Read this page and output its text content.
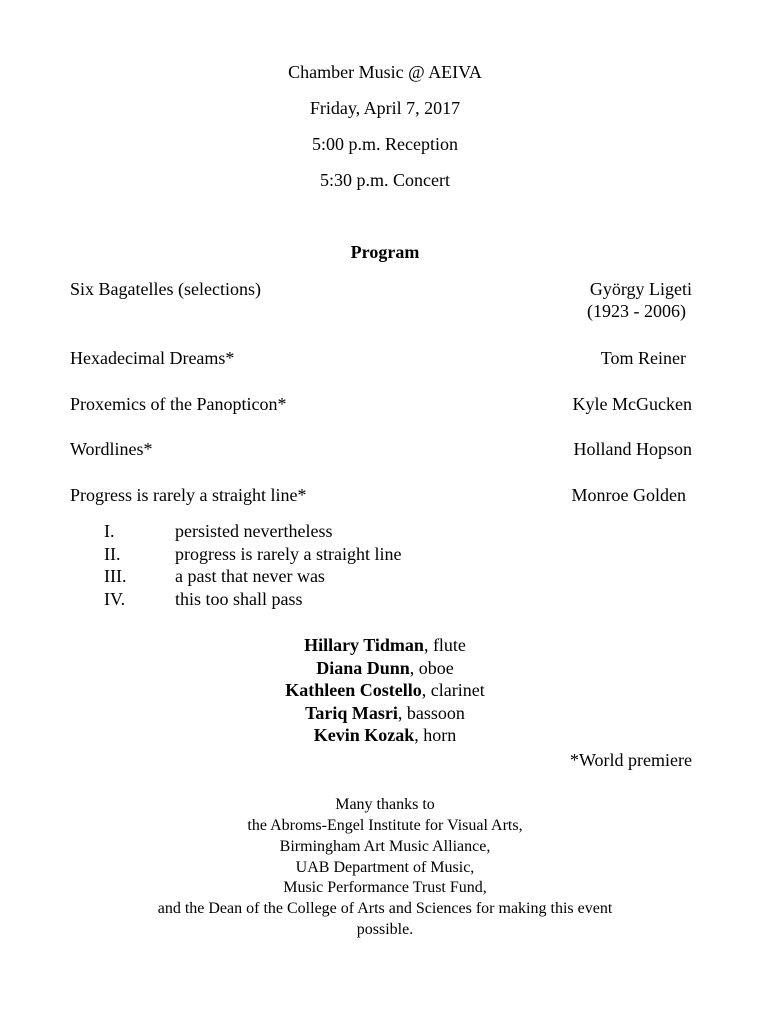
Chamber Music @ AEIVA
Friday, April 7, 2017
5:00 p.m. Reception
5:30 p.m. Concert
Program
Six Bagatelles (selections)	György Ligeti
(1923 - 2006)
Hexadecimal Dreams*	Tom Reiner
Proxemics of the Panopticon*	Kyle McGucken
Wordlines*	Holland Hopson
Progress is rarely a straight line*	Monroe Golden
I.	persisted nevertheless
II.	progress is rarely a straight line
III.	a past that never was
IV.	this too shall pass
Hillary Tidman, flute
Diana Dunn, oboe
Kathleen Costello, clarinet
Tariq Masri, bassoon
Kevin Kozak, horn
*World premiere
Many thanks to
the Abroms-Engel Institute for Visual Arts,
Birmingham Art Music Alliance,
UAB Department of Music,
Music Performance Trust Fund,
and the Dean of the College of Arts and Sciences for making this event
possible.
